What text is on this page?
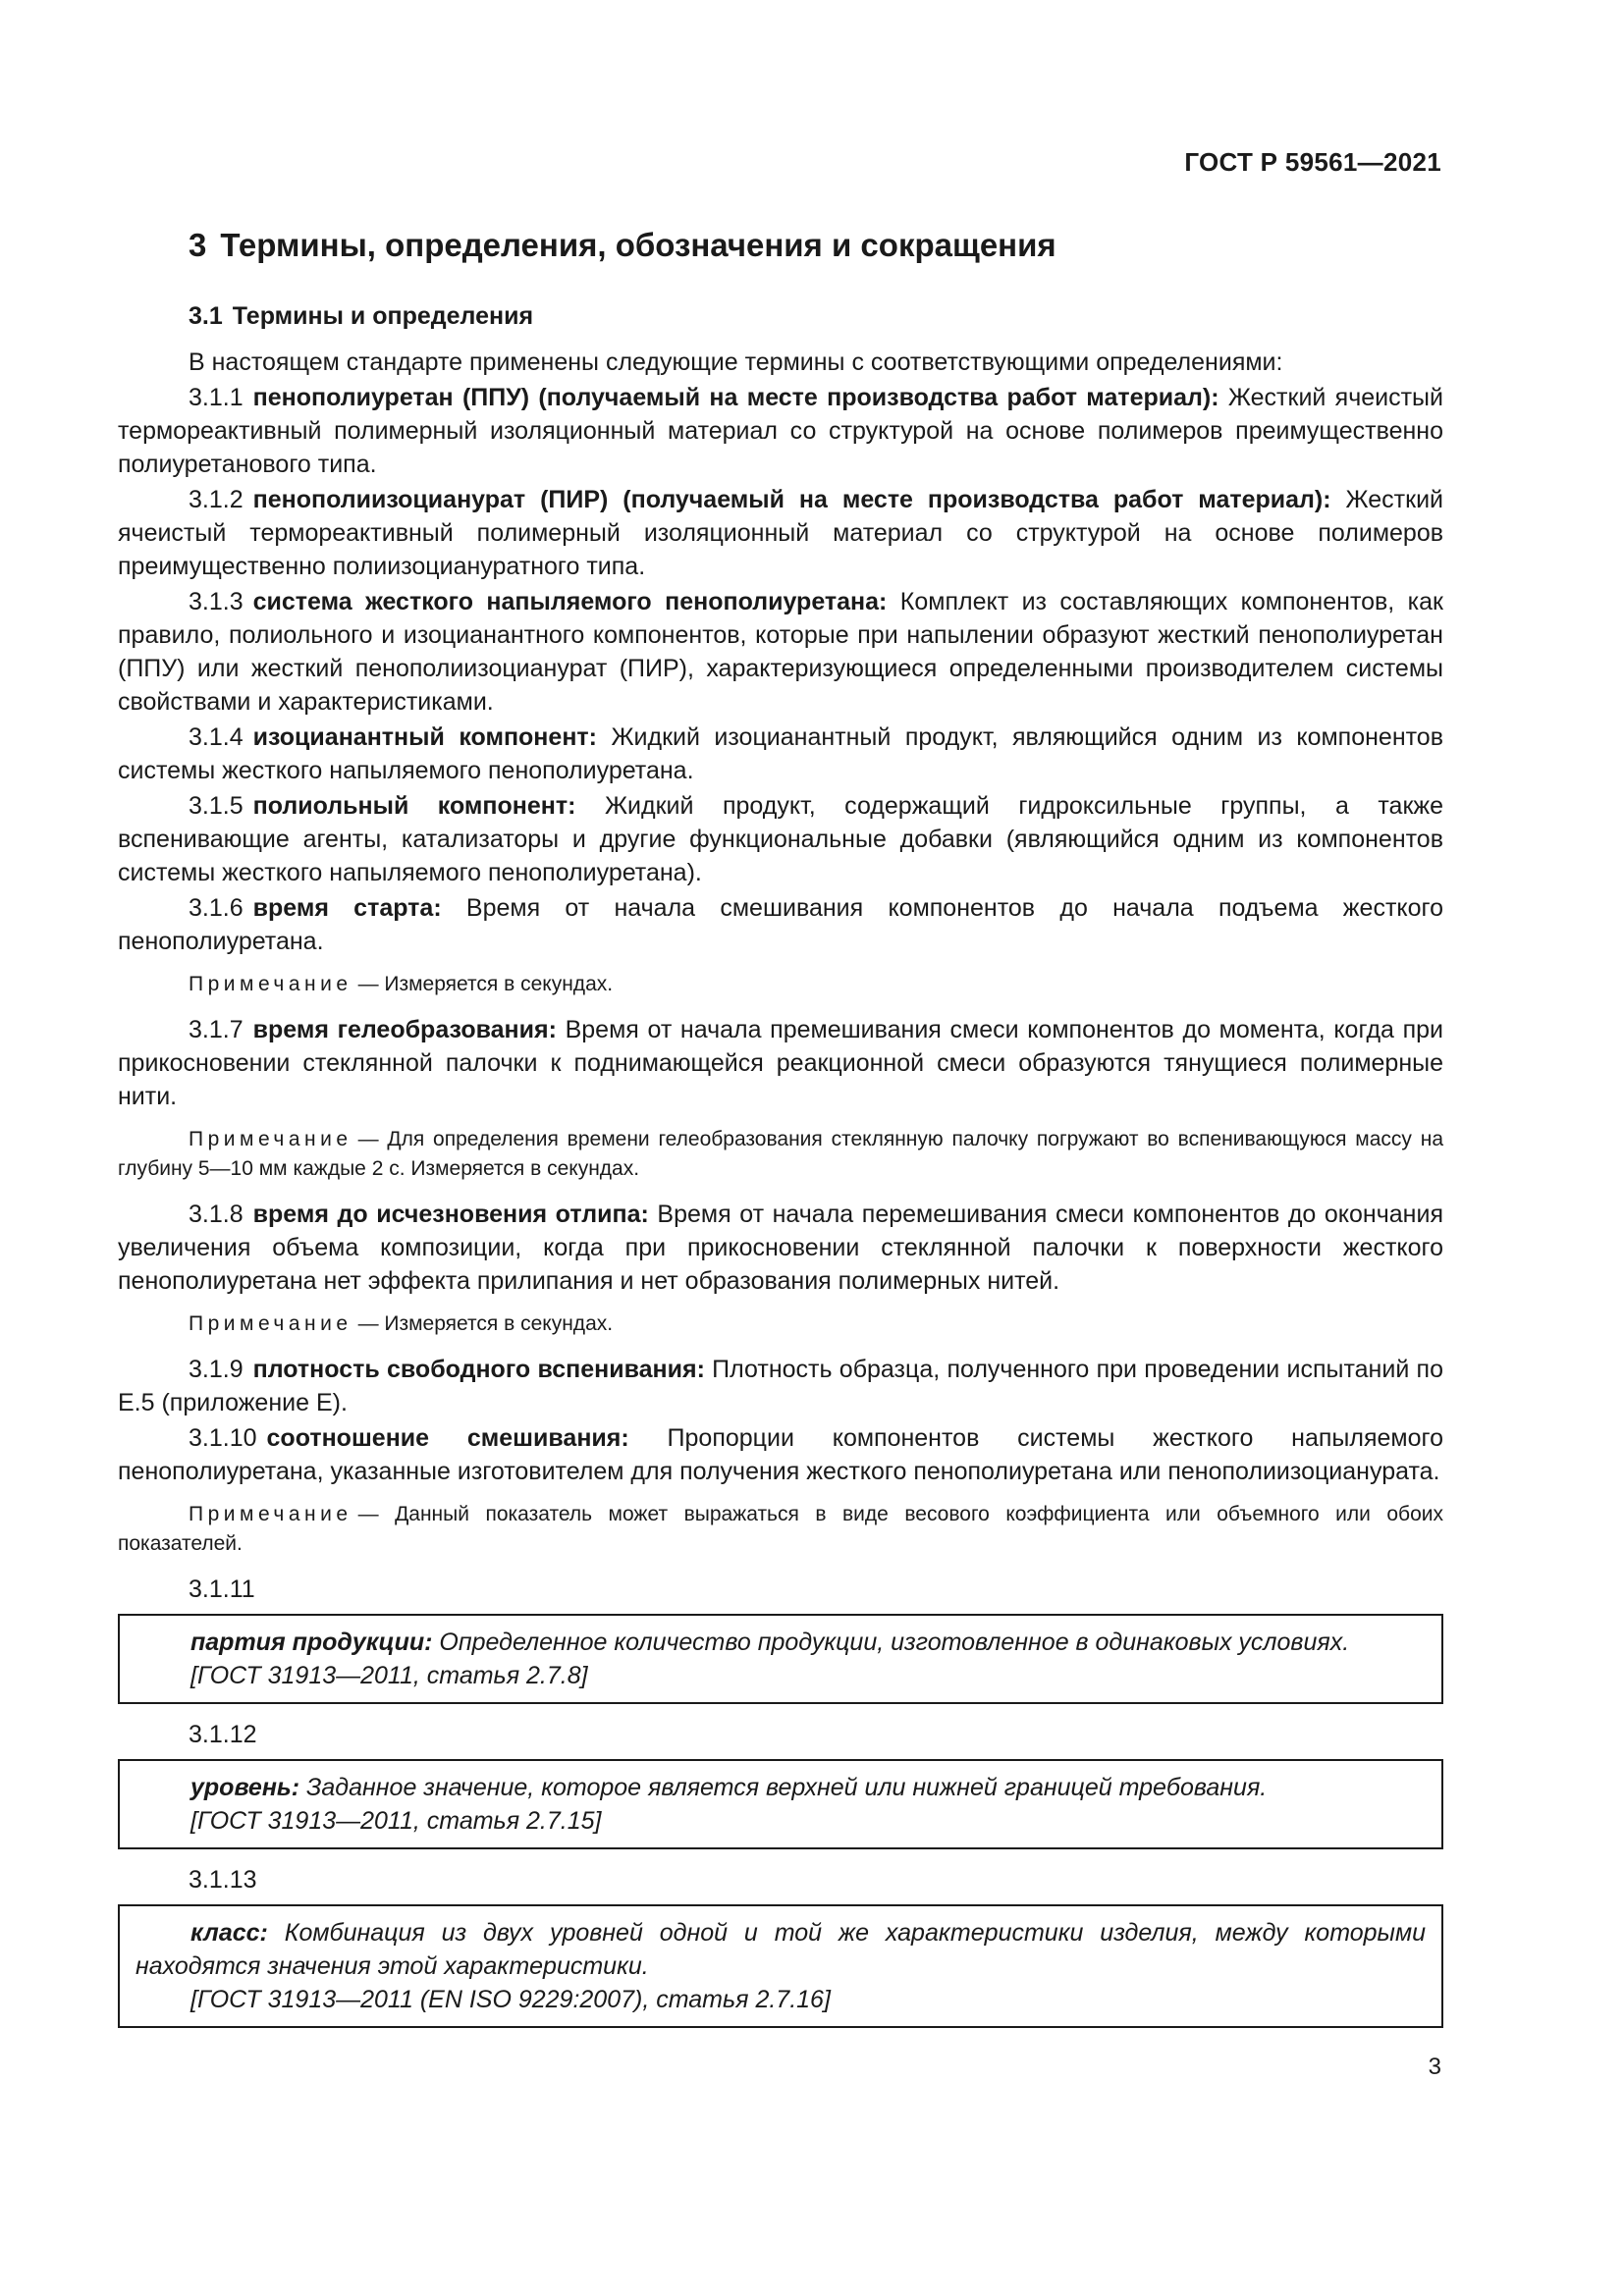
ГОСТ Р 59561—2021
3 Термины, определения, обозначения и сокращения
3.1 Термины и определения

В настоящем стандарте применены следующие термины с соответствующими определениями:

3.1.1 пенополиуретан (ППУ) (получаемый на месте производства работ материал): Жесткий ячеистый термореактивный полимерный изоляционный материал со структурой на основе полимеров преимущественно полиуретанового типа.

3.1.2 пенополиизоцианурат (ПИР) (получаемый на месте производства работ материал): Жесткий ячеистый термореактивный полимерный изоляционный материал со структурой на основе полимеров преимущественно полиизоциануратного типа.

3.1.3 система жесткого напыляемого пенополиуретана: Комплект из составляющих компонентов, как правило, полиольного и изоцианантного компонентов, которые при напылении образуют жесткий пенополиуретан (ППУ) или жесткий пенополиизоцианурат (ПИР), характеризующиеся определенными производителем системы свойствами и характеристиками.

3.1.4 изоцианантный компонент: Жидкий изоцианантный продукт, являющийся одним из компонентов системы жесткого напыляемого пенополиуретана.

3.1.5 полиольный компонент: Жидкий продукт, содержащий гидроксильные группы, а также вспенивающие агенты, катализаторы и другие функциональные добавки (являющийся одним из компонентов системы жесткого напыляемого пенополиуретана).

3.1.6 время старта: Время от начала смешивания компонентов до начала подъема жесткого пенополиуретана.

Примечание — Измеряется в секундах.

3.1.7 время гелеобразования: Время от начала премешивания смеси компонентов до момента, когда при прикосновении стеклянной палочки к поднимающейся реакционной смеси образуются тянущиеся полимерные нити.

Примечание — Для определения времени гелеобразования стеклянную палочку погружают во вспенивающуюся массу на глубину 5—10 мм каждые 2 с. Измеряется в секундах.

3.1.8 время до исчезновения отлипа: Время от начала перемешивания смеси компонентов до окончания увеличения объема композиции, когда при прикосновении стеклянной палочки к поверхности жесткого пенополиуретана нет эффекта прилипания и нет образования полимерных нитей.

Примечание — Измеряется в секундах.

3.1.9 плотность свободного вспенивания: Плотность образца, полученного при проведении испытаний по Е.5 (приложение Е).

3.1.10 соотношение смешивания: Пропорции компонентов системы жесткого напыляемого пенополиуретана, указанные изготовителем для получения жесткого пенополиуретана или пенополиизоцианурата.

Примечание — Данный показатель может выражаться в виде весового коэффициента или объемного или обоих показателей.

3.1.11

партия продукции: Определенное количество продукции, изготовленное в одинаковых условиях.

[ГОСТ 31913—2011, статья 2.7.8]

3.1.12

уровень: Заданное значение, которое является верхней или нижней границей требования.

[ГОСТ 31913—2011, статья 2.7.15]

3.1.13

класс: Комбинация из двух уровней одной и той же характеристики изделия, между которыми находятся значения этой характеристики.

[ГОСТ 31913—2011 (EN ISO 9229:2007), статья 2.7.16]

3
